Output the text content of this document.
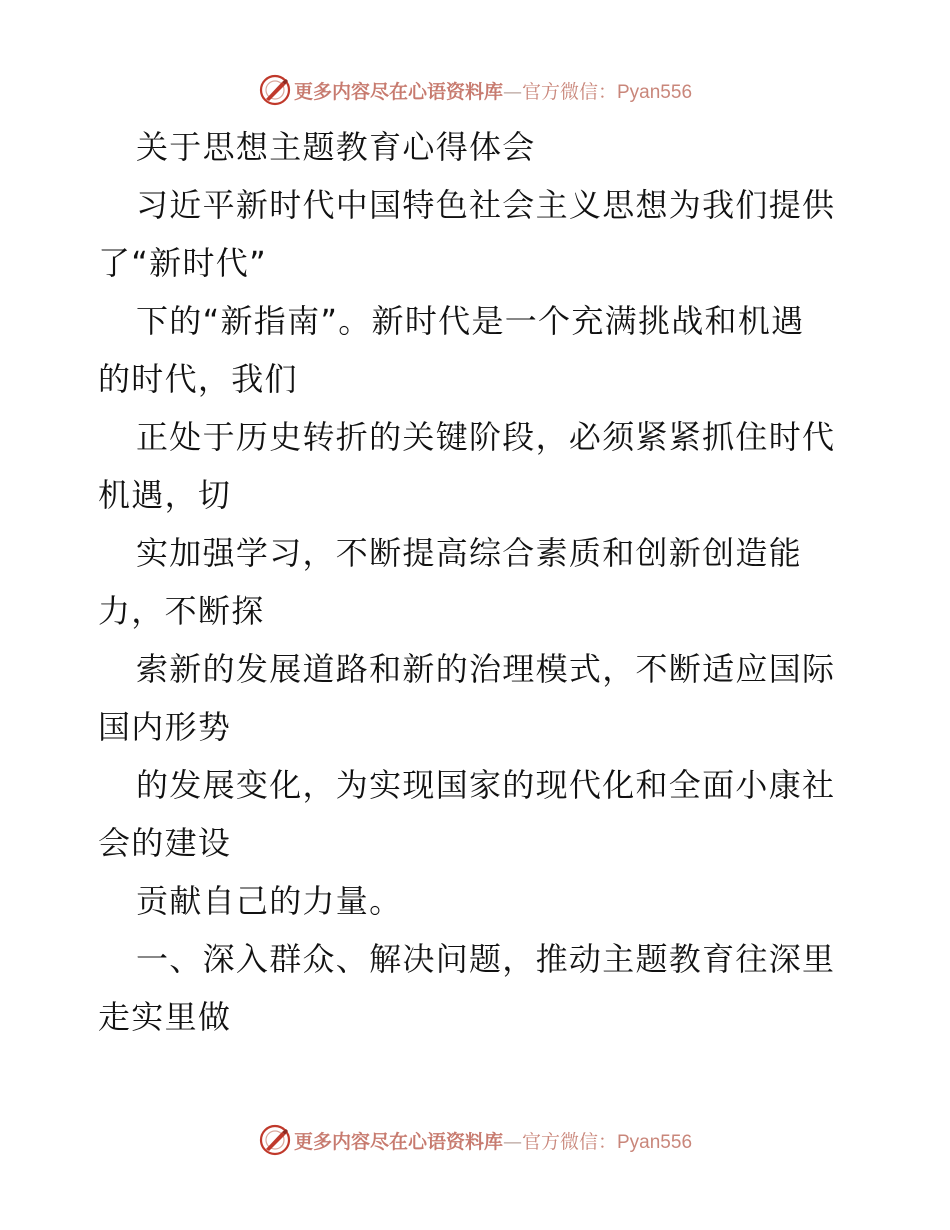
更多内容尽在心语资料库—官方微信：Pyan556
关于思想主题教育心得体会
习近平新时代中国特色社会主义思想为我们提供
了“新时代”
下的“新指南”。新时代是一个充满挑战和机遇
的时代，我们
正处于历史转折的关键阶段，必须紧紧抓住时代
机遇，切
实加强学习，不断提高综合素质和创新创造能
力，不断探
索新的发展道路和新的治理模式，不断适应国际
国内形势
的发展变化，为实现国家的现代化和全面小康社
会的建设
贡献自己的力量。
一、深入群众、解决问题，推动主题教育往深里
走实里做
更多内容尽在心语资料库—官方微信：Pyan556
